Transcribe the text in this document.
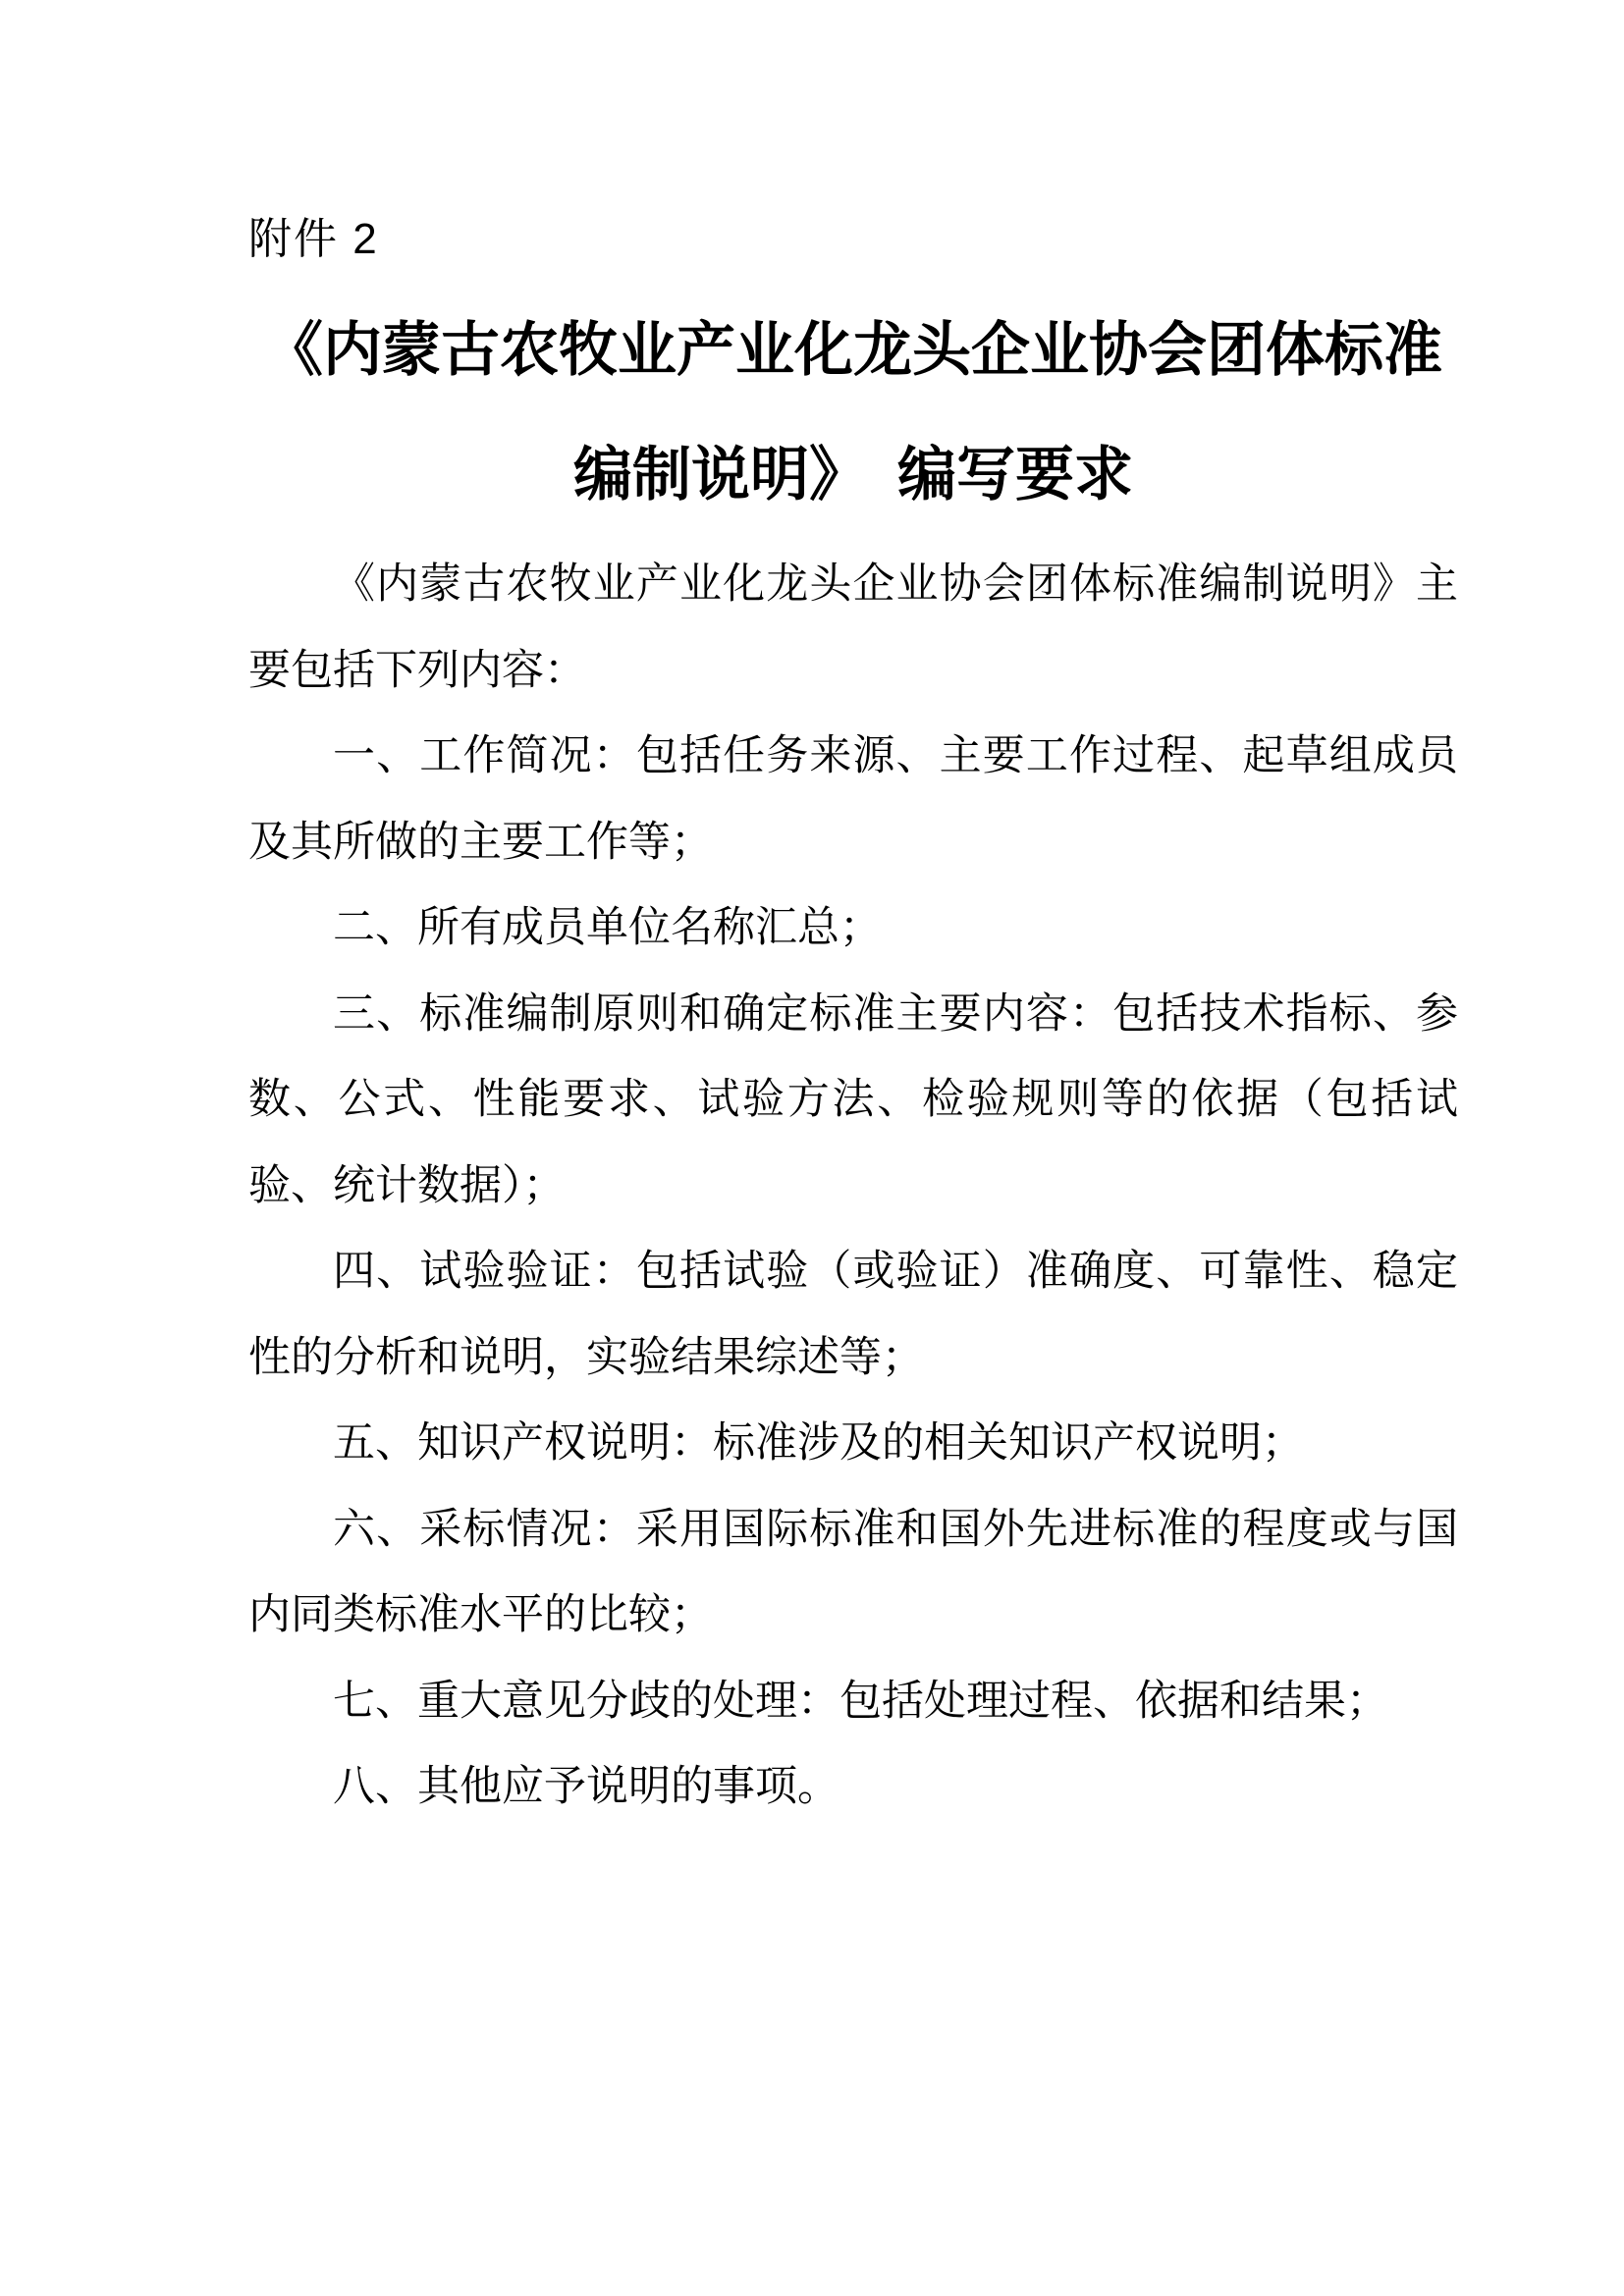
附件 2
《内蒙古农牧业产业化龙头企业协会团体标准
编制说明》　编写要求

《内蒙古农牧业产业化龙头企业协会团体标准编制说明》主要包括下列内容：

一、工作简况：包括任务来源、主要工作过程、起草组成员及其所做的主要工作等；

二、所有成员单位名称汇总；

三、标准编制原则和确定标准主要内容：包括技术指标、参数、公式、性能要求、试验方法、检验规则等的依据（包括试验、统计数据）；

四、试验验证：包括试验（或验证）准确度、可靠性、稳定性的分析和说明，实验结果综述等；

五、知识产权说明：标准涉及的相关知识产权说明；

六、采标情况：采用国际标准和国外先进标准的程度或与国内同类标准水平的比较；

七、重大意见分歧的处理：包括处理过程、依据和结果；

八、其他应予说明的事项。
